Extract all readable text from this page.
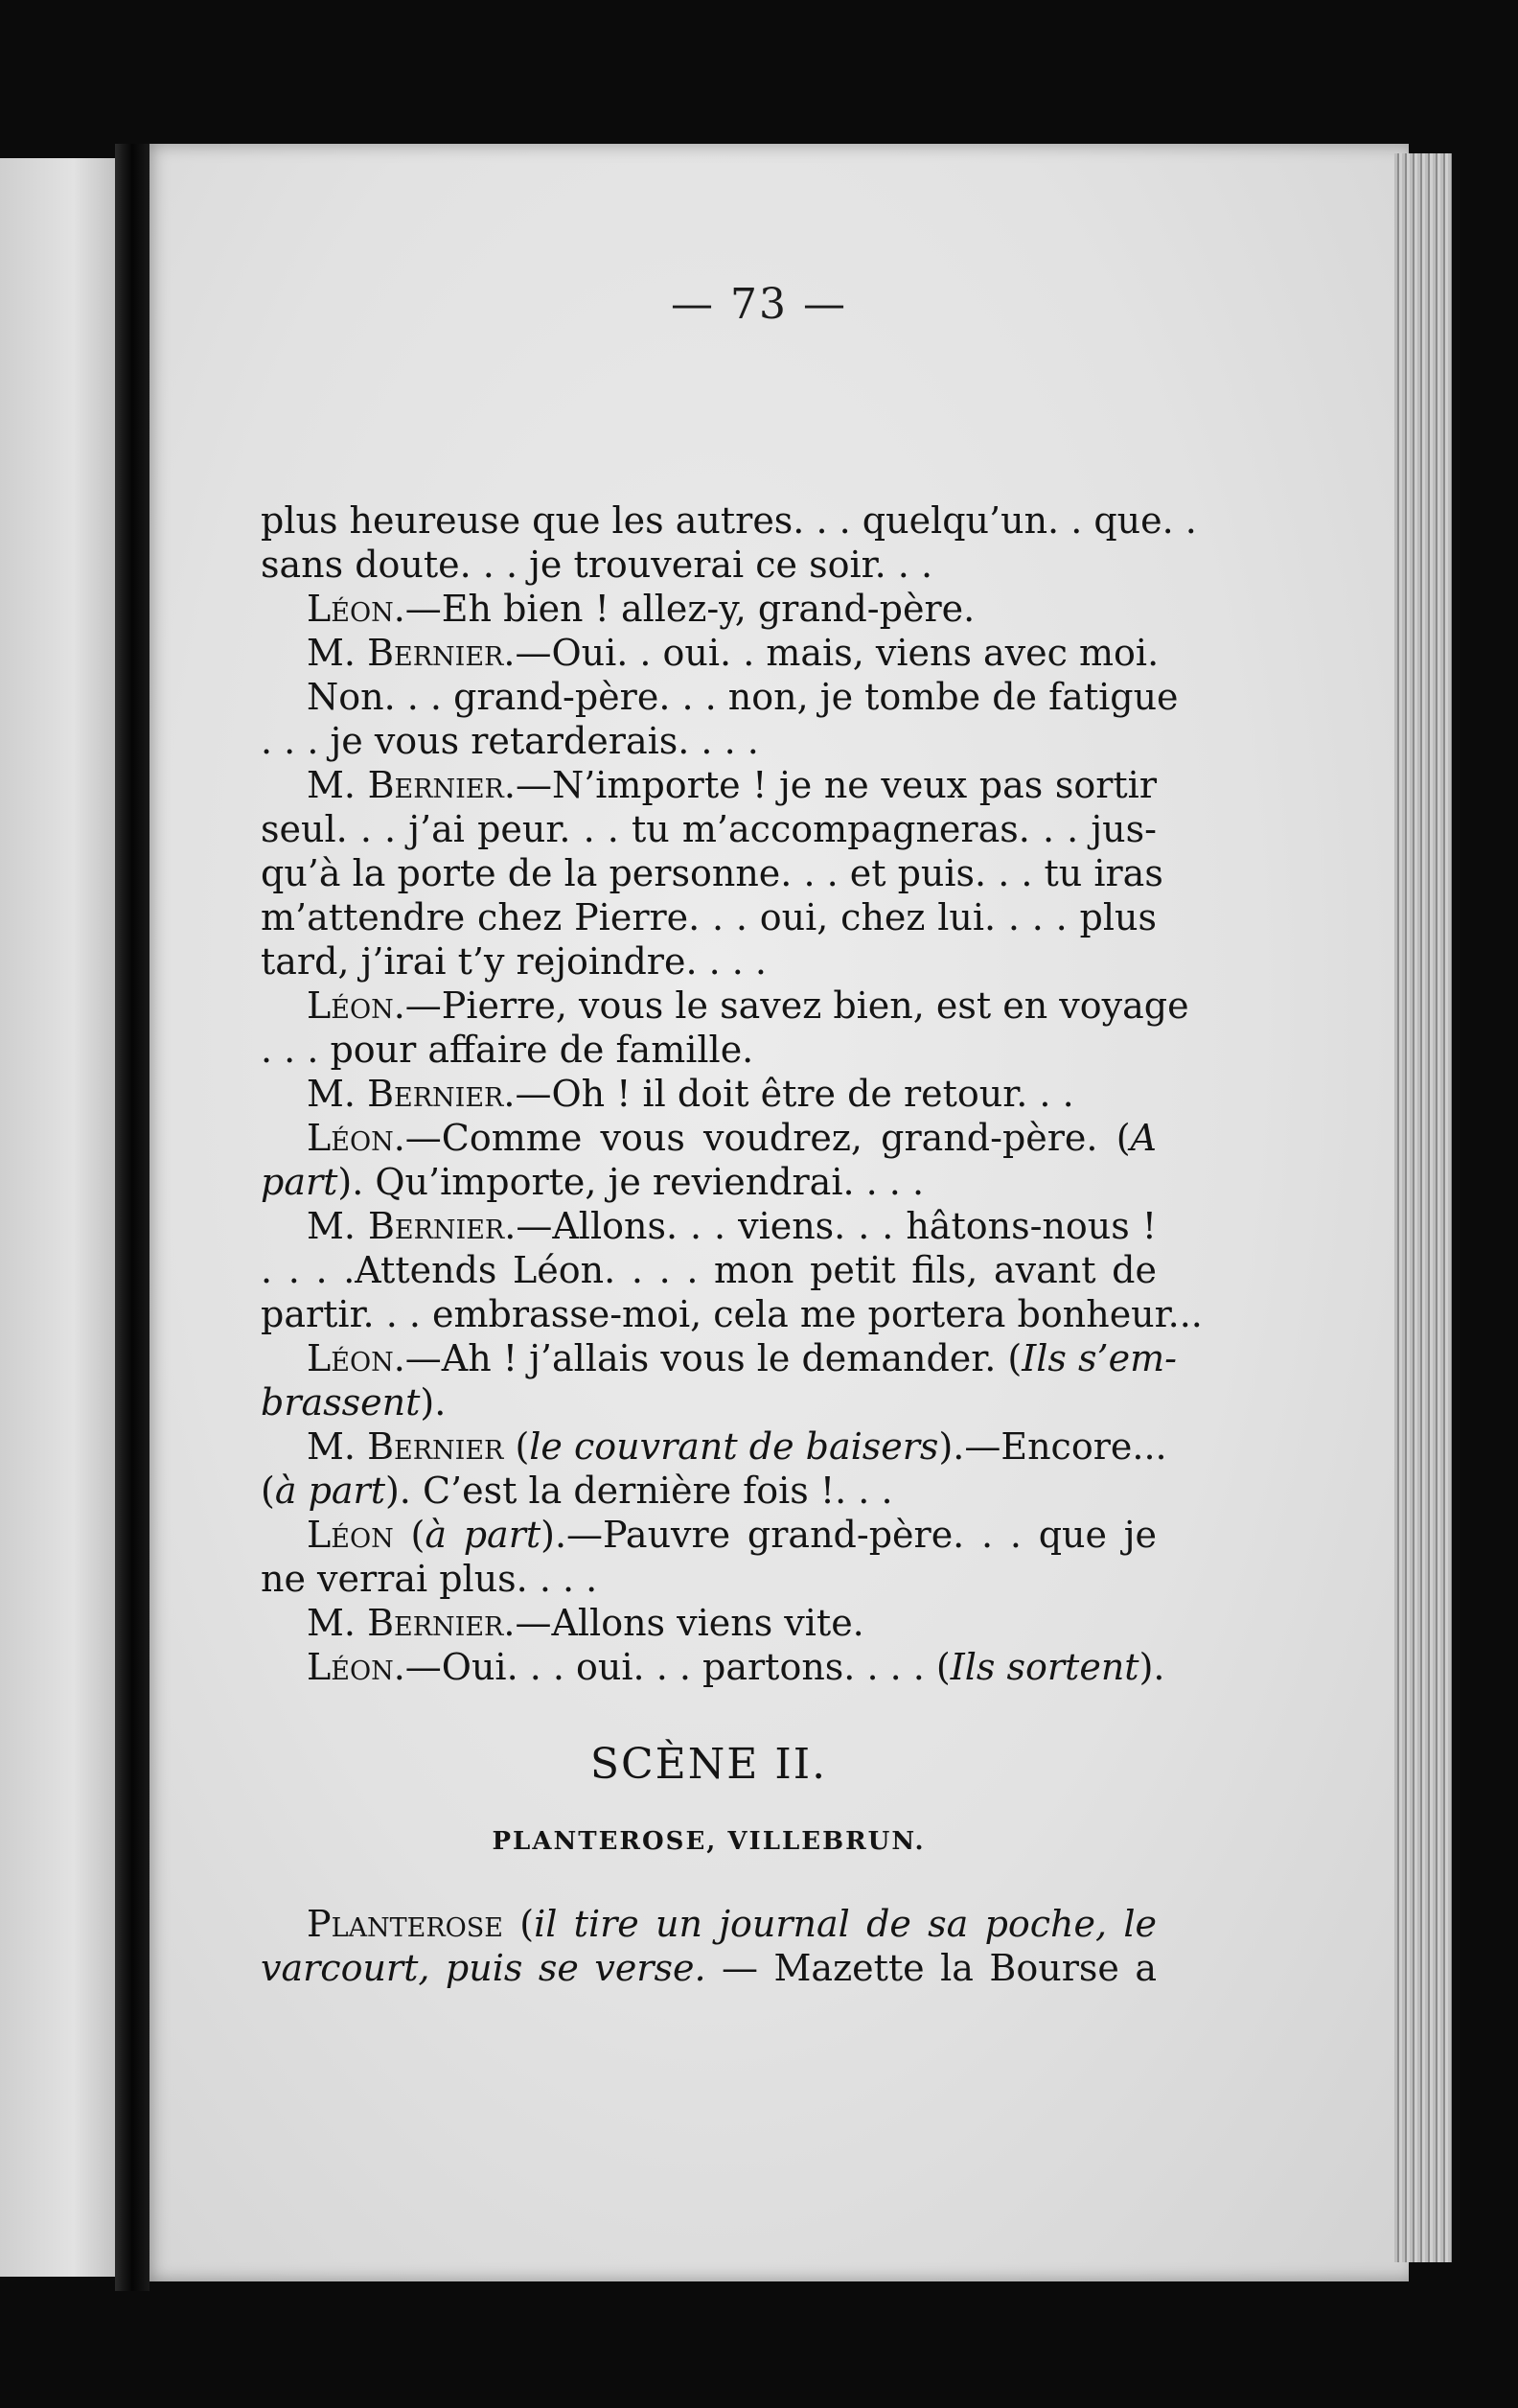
— 73 —
plus heureuse que les autres. . . quelqu’un. . que. .
sans doute. . . je trouverai ce soir. . .
Léon.—Eh bien ! allez-y, grand-père.
M. Bernier.—Oui. . oui. . mais, viens avec moi.
Non. . . grand-père. . . non, je tombe de fatigue
. . . je vous retarderais. . . .
M. Bernier.—N’importe ! je ne veux pas sortir
seul. . . j’ai peur. . . tu m’accompagneras. . . jus-
qu’à la porte de la personne. . . et puis. . . tu iras
m’attendre chez Pierre. . . oui, chez lui. . . . plus
tard, j’irai t’y rejoindre. . . .
Léon.—Pierre, vous le savez bien, est en voyage
. . . pour affaire de famille.
M. Bernier.—Oh ! il doit être de retour. . .
Léon.—Comme vous voudrez, grand-père. (A
part). Qu’importe, je reviendrai. . . .
M. Bernier.—Allons. . . viens. . . hâtons-nous !
. . . .Attends Léon. . . . mon petit fils, avant de
partir. . . embrasse-moi, cela me portera bonheur...
Léon.—Ah ! j’allais vous le demander. (Ils s’em-
brassent).
M. Bernier (le couvrant de baisers).—Encore...
(à part). C’est la dernière fois !. . .
Léon (à part).—Pauvre grand-père. . . que je
ne verrai plus. . . .
M. Bernier.—Allons viens vite.
Léon.—Oui. . . oui. . . partons. . . . (Ils sortent).
SCÈNE II.
PLANTEROSE, VILLEBRUN.
Planterose (il tire un journal de sa poche, le
varcourt, puis se verse. — Mazette la Bourse a
